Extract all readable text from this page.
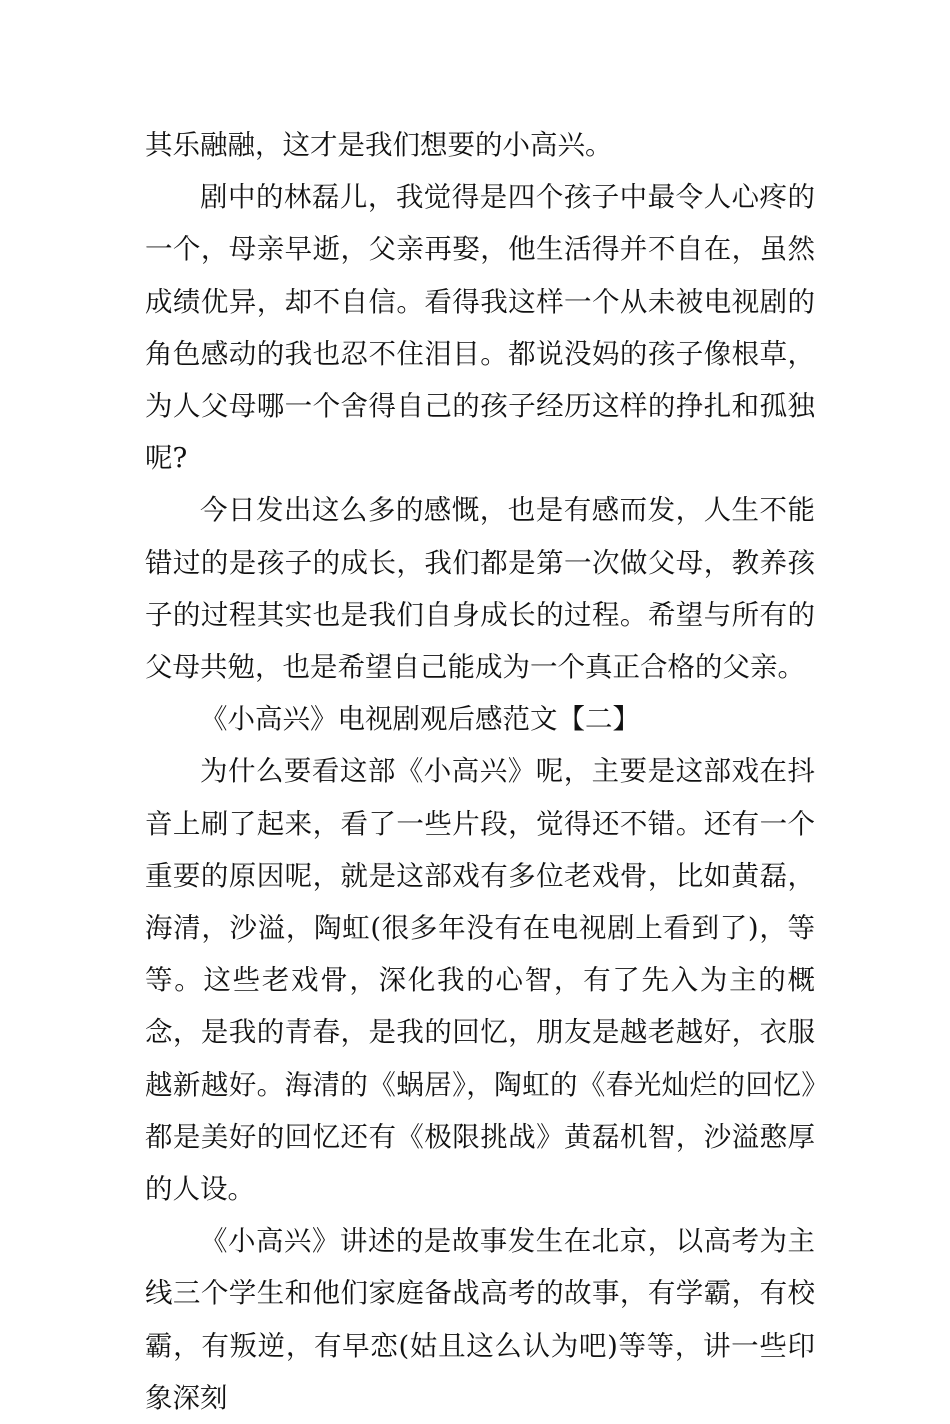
其乐融融，这才是我们想要的小高兴。

剧中的林磊儿，我觉得是四个孩子中最令人心疼的一个，母亲早逝，父亲再娶，他生活得并不自在，虽然成绩优异，却不自信。看得我这样一个从未被电视剧的角色感动的我也忍不住泪目。都说没妈的孩子像根草，为人父母哪一个舍得自己的孩子经历这样的挣扎和孤独呢?

今日发出这么多的感慨，也是有感而发，人生不能错过的是孩子的成长，我们都是第一次做父母，教养孩子的过程其实也是我们自身成长的过程。希望与所有的父母共勉，也是希望自己能成为一个真正合格的父亲。

《小高兴》电视剧观后感范文【二】

为什么要看这部《小高兴》呢，主要是这部戏在抖音上刷了起来，看了一些片段，觉得还不错。还有一个重要的原因呢，就是这部戏有多位老戏骨，比如黄磊，海清，沙溢，陶虹(很多年没有在电视剧上看到了)，等等。这些老戏骨，深化我的心智，有了先入为主的概念，是我的青春，是我的回忆，朋友是越老越好，衣服越新越好。海清的《蜗居》，陶虹的《春光灿烂的回忆》都是美好的回忆还有《极限挑战》黄磊机智，沙溢憨厚的人设。

《小高兴》讲述的是故事发生在北京，以高考为主线三个学生和他们家庭备战高考的故事，有学霸，有校霸，有叛逆，有早恋(姑且这么认为吧)等等，讲一些印象深刻
